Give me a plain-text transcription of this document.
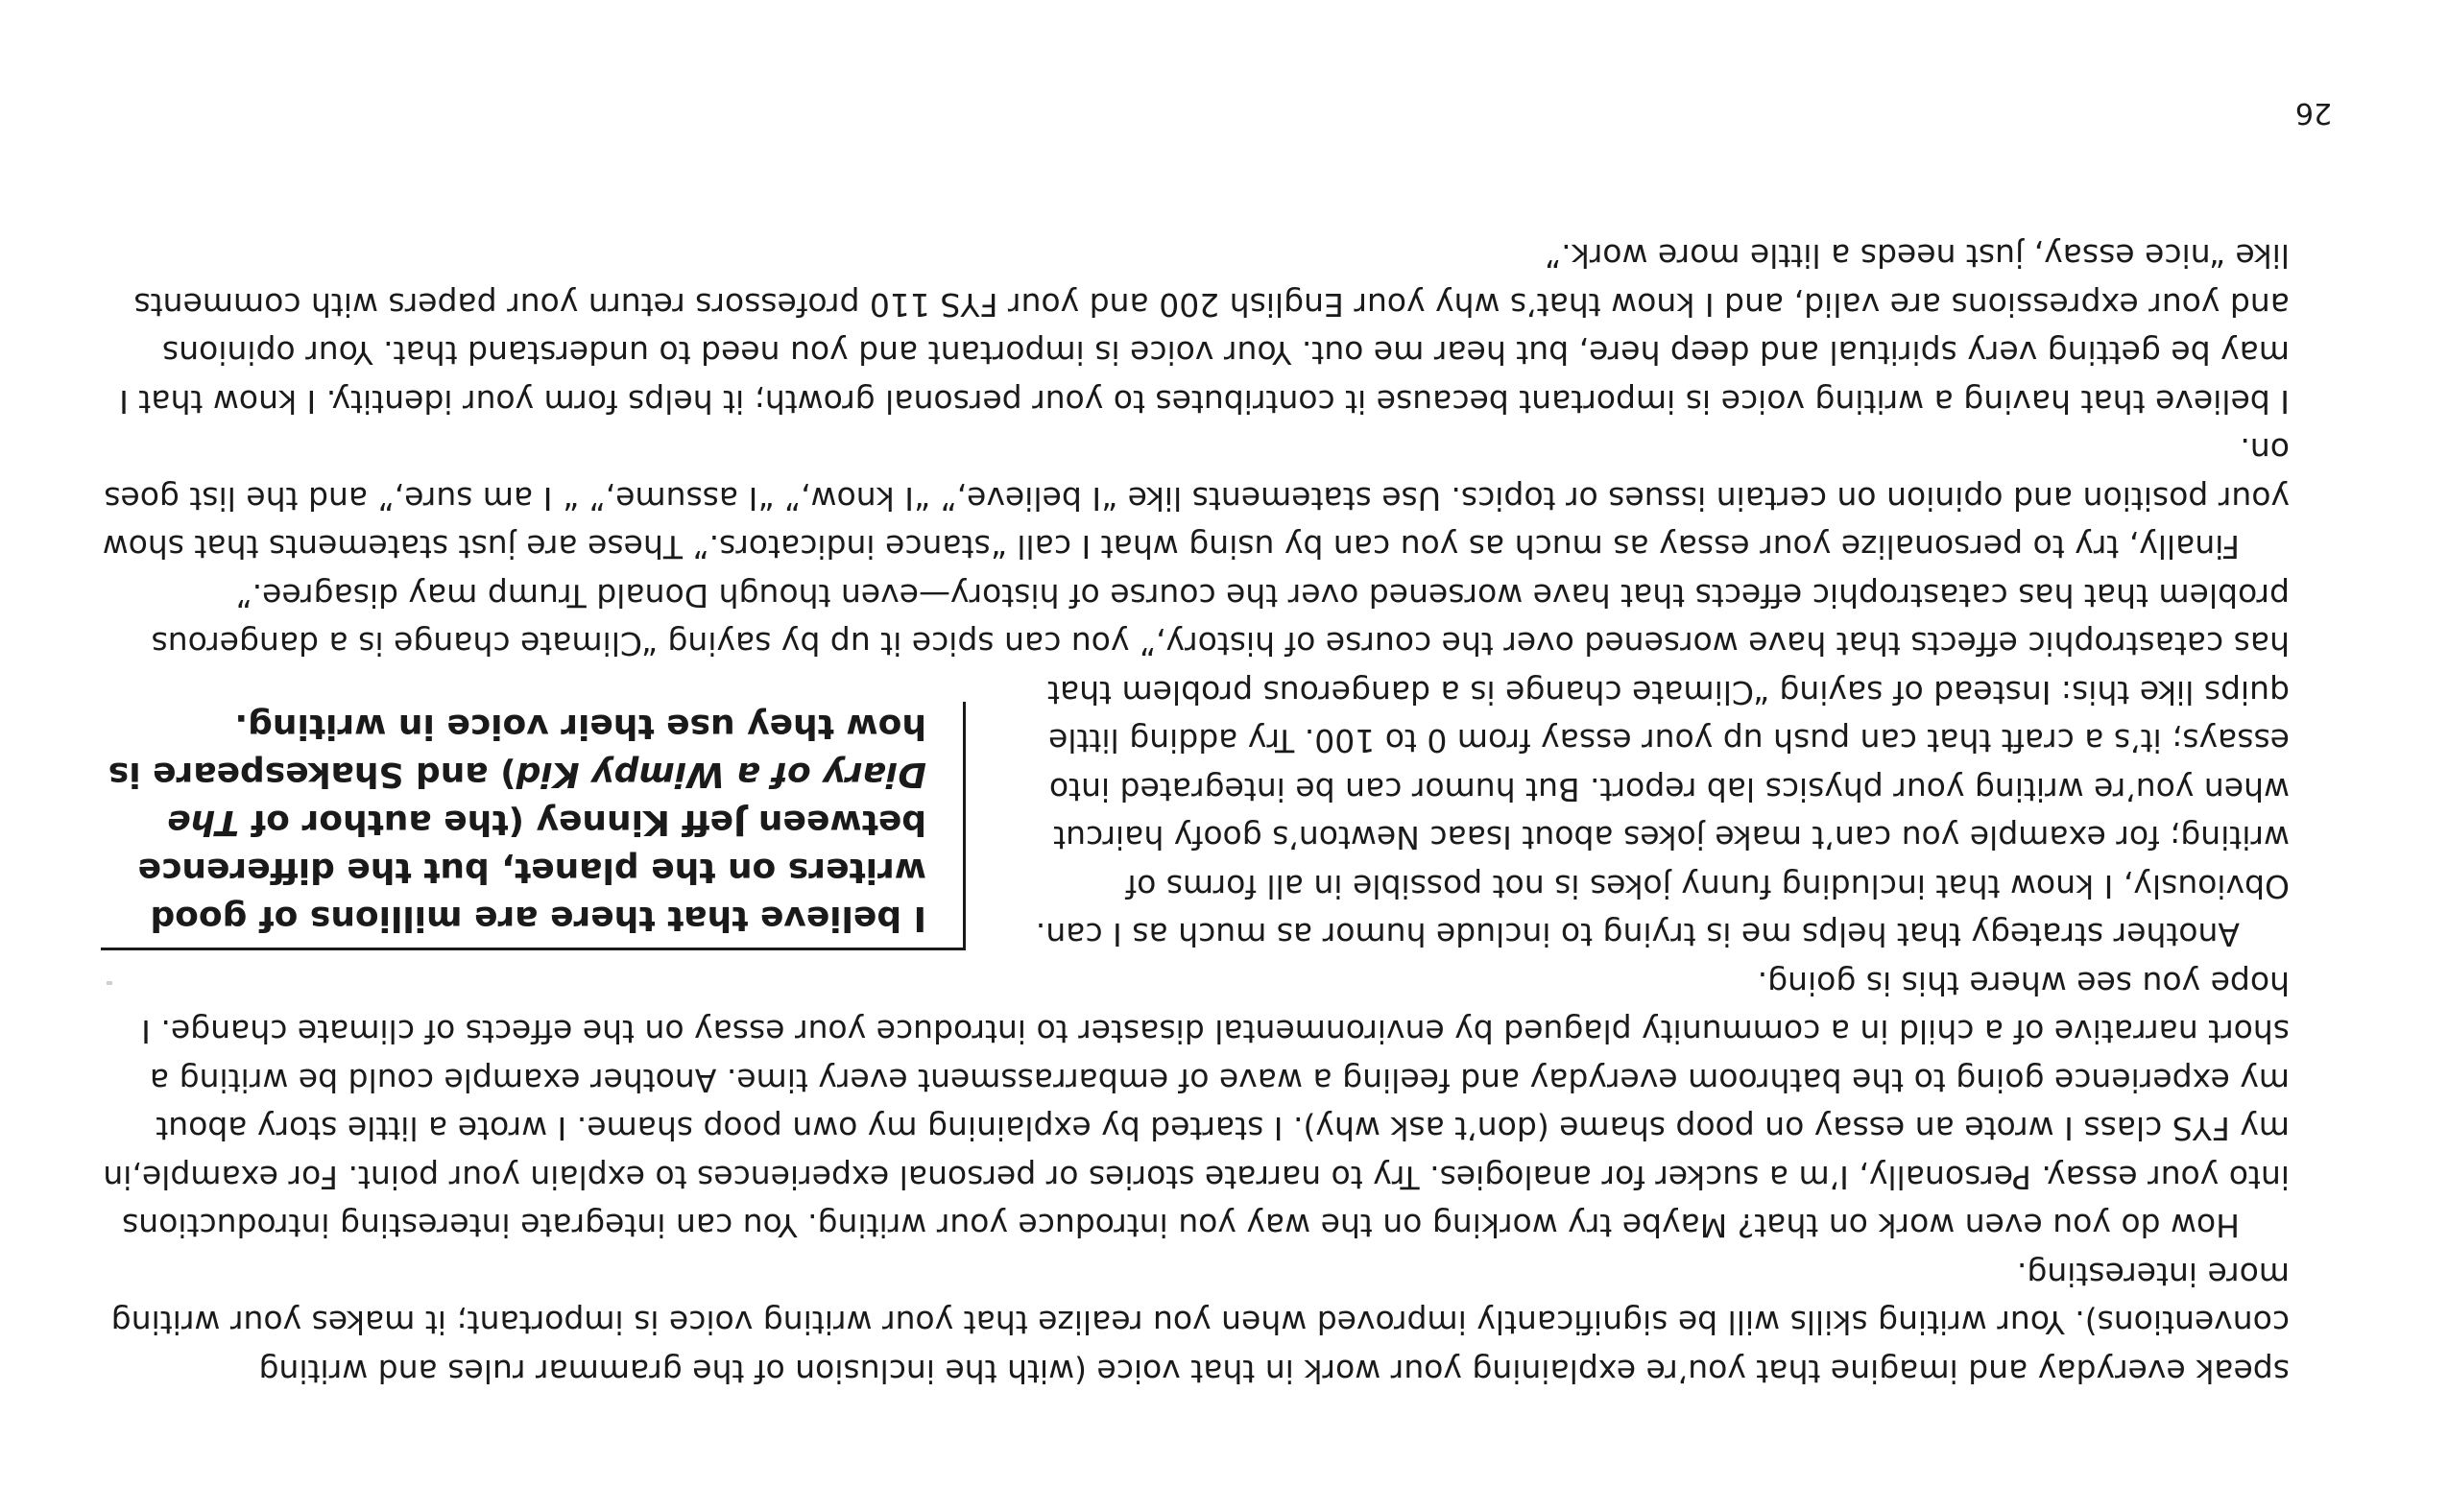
speak everyday and imagine that you’re explaining your work in that voice (with the inclusion of the grammar rules and writing conventions). Your writing skills will be significantly improved when you realize that your writing voice is important; it makes your writing more interesting.

How do you even work on that? Maybe try working on the way you introduce your writing. You can integrate interesting introductions into your essay. Personally, I’m a sucker for analogies. Try to narrate stories or personal experiences to explain your point. For example,in my FYS class I wrote an essay on poop shame (don’t ask why). I started by explaining my own poop shame. I wrote a little story about my experience going to the bathroom everyday and feeling a wave of embarrassment every time. Another example could be writing a short narrative of a child in a community plagued by environmental disaster to introduce your essay on the effects of climate change. I hope you see where this is going.

I believe that there are millions of good writers on the planet, but the difference between Jeff Kinney (the author of The Diary of a Wimpy Kid) and Shakespeare is how they use their voice in writing.

Another strategy that helps me is trying to include humor as much as I can. Obviously, I know that including funny jokes is not possible in all forms of writing; for example you can’t make jokes about Isaac Newton’s goofy haircut when you’re writing your physics lab report. But humor can be integrated into essays; it’s a craft that can push up your essay from 0 to 100. Try adding little quips like this: Instead of saying “Climate change is a dangerous problem that has catastrophic effects that have worsened over the course of history,” you can spice it up by saying “Climate change is a dangerous problem that has catastrophic effects that have worsened over the course of history—even though Donald Trump may disagree.”

Finally, try to personalize your essay as much as you can by using what I call “stance indicators.” These are just statements that show your position and opinion on certain issues or topics. Use statements like “I believe,” “I know,” “I assume,” “ I am sure,” and the list goes on.

I believe that having a writing voice is important because it contributes to your personal growth; it helps form your identity. I know that I may be getting very spiritual and deep here, but hear me out. Your voice is important and you need to understand that. Your opinions and your expressions are valid, and I know that’s why your English 200 and your FYS 110 professors return your papers with comments like “nice essay, just needs a little more work.”

26
